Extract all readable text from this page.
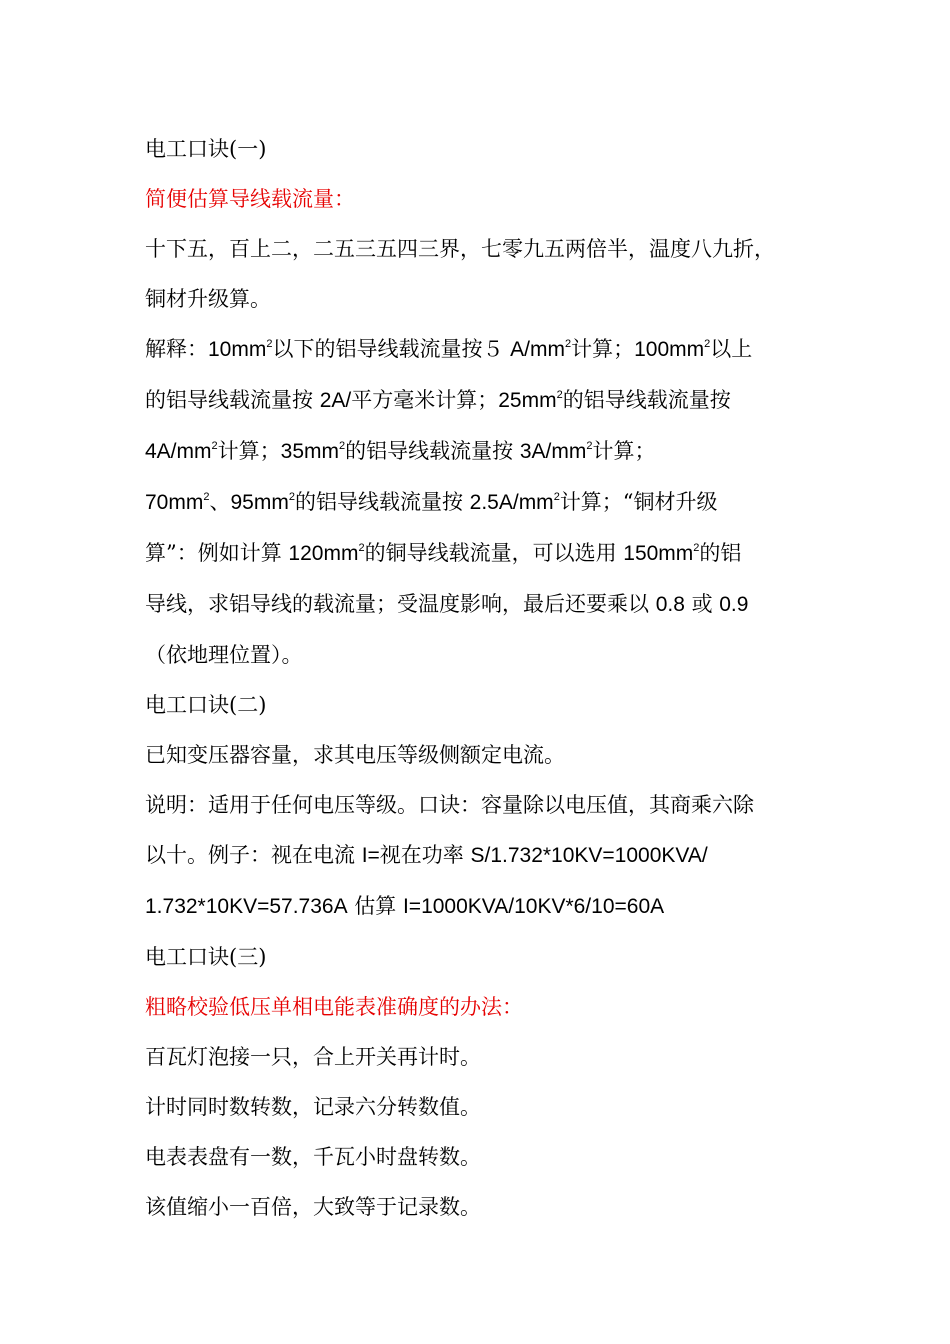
电工口诀(一)

简便估算导线载流量：

十下五，百上二，二五三五四三界，七零九五两倍半，温度八九折，

铜材升级算。

解释：$10mm^2$以下的铝导线载流量按５ $A/mm^2$计算；$100mm^2$以上

的铝导线载流量按 2A/平方毫米计算；$25mm^2$的铝导线载流量按

$4A/mm^2$计算；$35mm^2$的铝导线载流量按 $3A/mm^2$计算；

$70mm^2$、$95mm^2$的铝导线载流量按 $2.5A/mm^2$计算；“铜材升级

算”：例如计算 $120mm^2$的铜导线载流量，可以选用 $150mm^2$的铝

导线，求铝导线的载流量；受温度影响，最后还要乘以 0.8 或 0.9

（依地理位置）。

电工口诀(二)

已知变压器容量，求其电压等级侧额定电流。

说明：适用于任何电压等级。口诀：容量除以电压值，其商乘六除

以十。例子：视在电流 I=视在功率 S/1.732*10KV=1000KVA/

1.732*10KV=57.736A 估算 I=1000KVA/10KV*6/10=60A

电工口诀(三)

粗略校验低压单相电能表准确度的办法：

百瓦灯泡接一只，合上开关再计时。

计时同时数转数，记录六分转数值。

电表表盘有一数，千瓦小时盘转数。

该值缩小一百倍，大致等于记录数。
